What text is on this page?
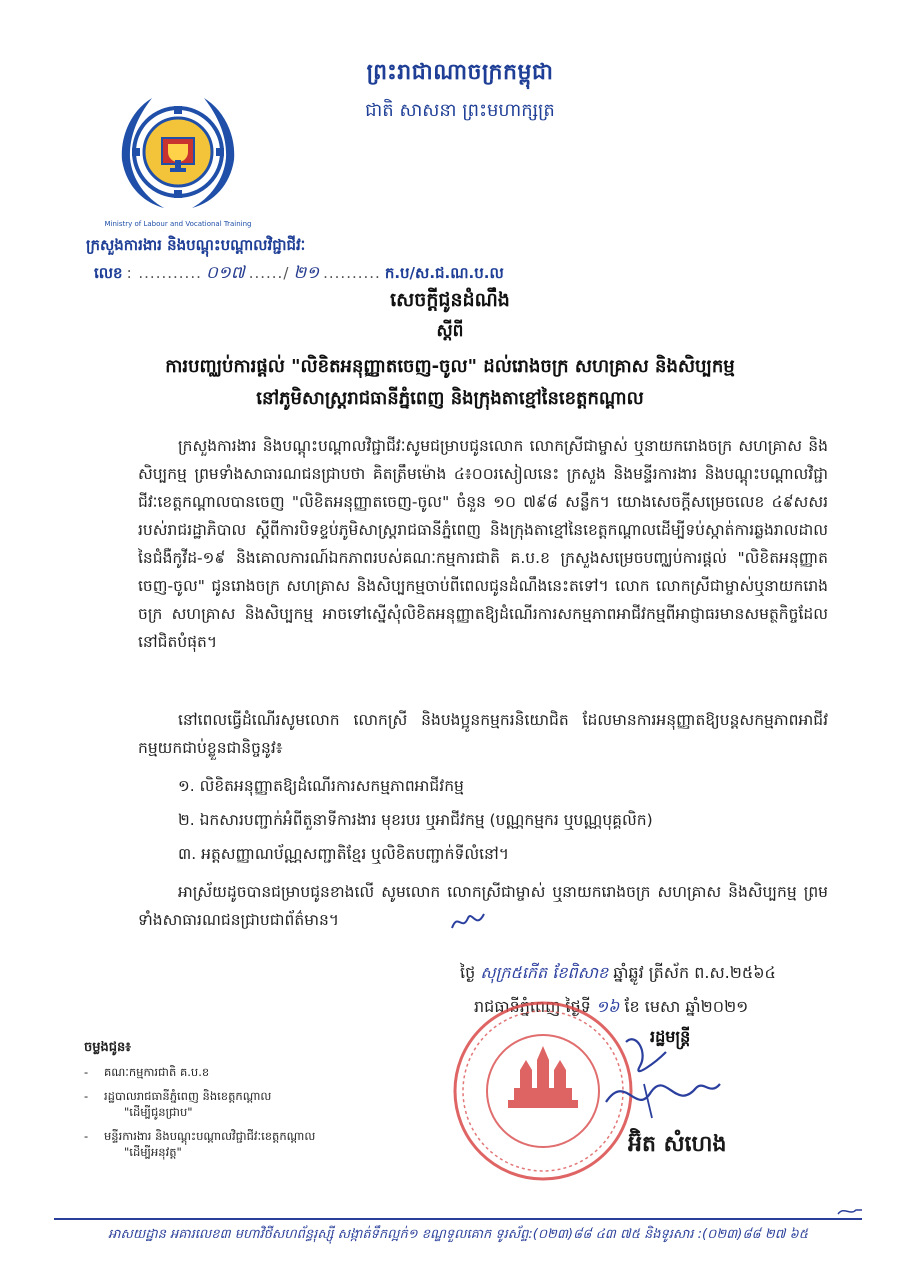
Ministry of Labour and Vocational Training
ព្រះរាជាណាចក្រកម្ពុជា
ជាតិ សាសនា ព្រះមហាក្សត្រ
ក្រសួងការងារ និងបណ្តុះបណ្តាលវិជ្ជាជីវៈ
លេខ : ........... ០១៧ ....../ ២១ .......... ក.ប/ស.ជ.ណ.ប.ល
សេចក្តីជូនដំណឹង
ស្តីពី
ការបញ្ឈប់ការផ្តល់ "លិខិតអនុញ្ញាតចេញ-ចូល" ដល់រោងចក្រ សហគ្រាស និងសិប្បកម្ម
នៅភូមិសាស្ត្ររាជធានីភ្នំពេញ និងក្រុងតាខ្មៅនៃខេត្តកណ្តាល
ក្រសួងការងារ និងបណ្តុះបណ្តាលវិជ្ជាជីវៈសូមជម្រាបជូនលោក លោកស្រីជាម្ចាស់ ឬនាយករោងចក្រ សហគ្រាស និងសិប្បកម្ម ព្រមទាំងសាធារណជនជ្រាបថា គិតត្រឹមម៉ោង ៤៖០០រសៀលនេះ ក្រសួង និងមន្ទីរការងារ និងបណ្តុះបណ្តាលវិជ្ជាជីវៈខេត្តកណ្តាលបានចេញ "លិខិតអនុញ្ញាតចេញ-ចូល" ចំនួន ១០ ៧៩៨ សន្លឹក។ យោងសេចក្តីសម្រេចលេខ ៤៩សសរ របស់រាជរដ្ឋាភិបាល ស្តីពីការបិទខ្ទប់ភូមិសាស្ត្ររាជធានីភ្នំពេញ និងក្រុងតាខ្មៅនៃខេត្តកណ្តាលដើម្បីទប់ស្កាត់ការឆ្លងរាលដាលនៃជំងឺកូវីដ-១៩ និងគោលការណ៍ឯកភាពរបស់គណៈកម្មការជាតិ គ.ប.ខ ក្រសួងសម្រេចបញ្ឈប់ការផ្តល់ "លិខិតអនុញ្ញាតចេញ-ចូល" ជូនរោងចក្រ សហគ្រាស និងសិប្បកម្មចាប់ពីពេលជូនដំណឹងនេះតទៅ។ លោក លោកស្រីជាម្ចាស់ឬនាយករោងចក្រ សហគ្រាស និងសិប្បកម្ម អាចទៅស្នើសុំលិខិតអនុញ្ញាតឱ្យដំណើរការសកម្មភាពអាជីវកម្មពីអាជ្ញាធរមានសមត្ថកិច្ចដែលនៅជិតបំផុត។
នៅពេលធ្វើដំណើរសូមលោក លោកស្រី និងបងប្អូនកម្មករនិយោជិត ដែលមានការអនុញ្ញាតឱ្យបន្តសកម្មភាពអាជីវកម្មយកជាប់ខ្លួនជានិច្ចនូវ៖
១. លិខិតអនុញ្ញាតឱ្យដំណើរការសកម្មភាពអាជីវកម្ម
២. ឯកសារបញ្ជាក់អំពីតួនាទីការងារ មុខរបរ ឬអាជីវកម្ម (បណ្ណកម្មករ ឬបណ្ណបុគ្គលិក)
៣. អត្តសញ្ញាណប័ណ្ណសញ្ជាតិខ្មែរ ឬលិខិតបញ្ជាក់ទីលំនៅ។
អាស្រ័យដូចបានជម្រាបជូនខាងលើ សូមលោក លោកស្រីជាម្ចាស់ ឬនាយករោងចក្រ សហគ្រាស និងសិប្បកម្ម ព្រមទាំងសាធារណជនជ្រាបជាព័ត៌មាន។
ថ្ងៃ សុក្រ៥កើត ខែពិសាខ ឆ្នាំឆ្លូវ ត្រីស័ក ព.ស.២៥៦៤
រាជធានីភ្នំពេញ ថ្ងៃទី ១៦ ខែ មេសា ឆ្នាំ២០២១
រដ្ឋមន្ត្រី
អ៊ិត សំហេង
ចម្លងជូន៖
- គណៈកម្មការជាតិ គ.ប.ខ
- រដ្ឋបាលរាជធានីភ្នំពេញ និងខេត្តកណ្តាល
"ដើម្បីជូនជ្រាប"
- មន្ទីរការងារ និងបណ្តុះបណ្តាលវិជ្ជាជីវៈខេត្តកណ្តាល
"ដើម្បីអនុវត្ត"
អាសយដ្ឋាន អគារលេខ៣ មហាវិថីសហព័ន្ធរុស្ស៊ី សង្កាត់ទឹកល្អក់១ ខណ្ឌទួលគោក ទូរស័ព្ទ:(០២៣)៨៨ ៤៣ ៧៥ និងទូរសារ :(០២៣)៨៨ ២៧ ៦៥
